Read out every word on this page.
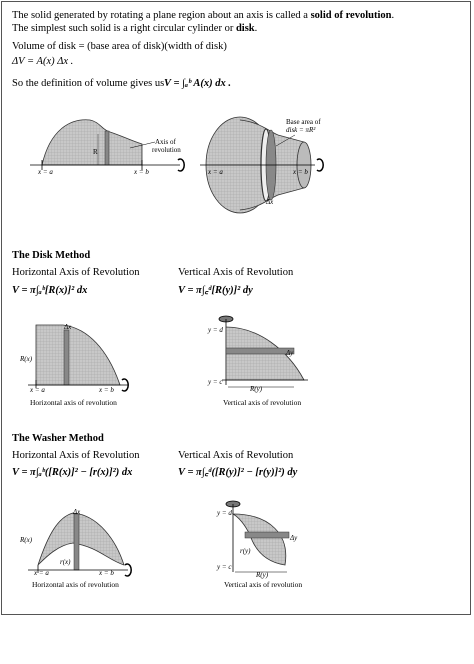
The solid generated by rotating a plane region about an axis is called a solid of revolution.
The simplest such solid is a right circular cylinder or disk.
Volume of disk = (base area of disk)(width of disk)
ΔV = A(x) Δx .
So the definition of volume gives us V = ∫ₐᵇ A(x) dx .
R
Axis of
revolution
x = a	x = b
Base area of
disk = πR²
x = a	x = b
Δx
The Disk Method
Horizontal Axis of Revolution	Vertical Axis of Revolution
V = π∫ₐᵇ[R(x)]² dx	V = π∫꜀ᵈ[R(y)]² dy
Δx
R(x)
x = a	x = b
Horizontal axis of revolution
y = d
Δy
y = c
R(y)
Vertical axis of revolution
The Washer Method
Horizontal Axis of Revolution	Vertical Axis of Revolution
V = π∫ₐᵇ([R(x)]² − [r(x)]²) dx	V = π∫꜀ᵈ([R(y)]² − [r(y)]²) dy
Δx
R(x)
r(x)
x = a	x = b
Horizontal axis of revolution
y = d
Δy
r(y)
y = c
R(y)
Vertical axis of revolution
